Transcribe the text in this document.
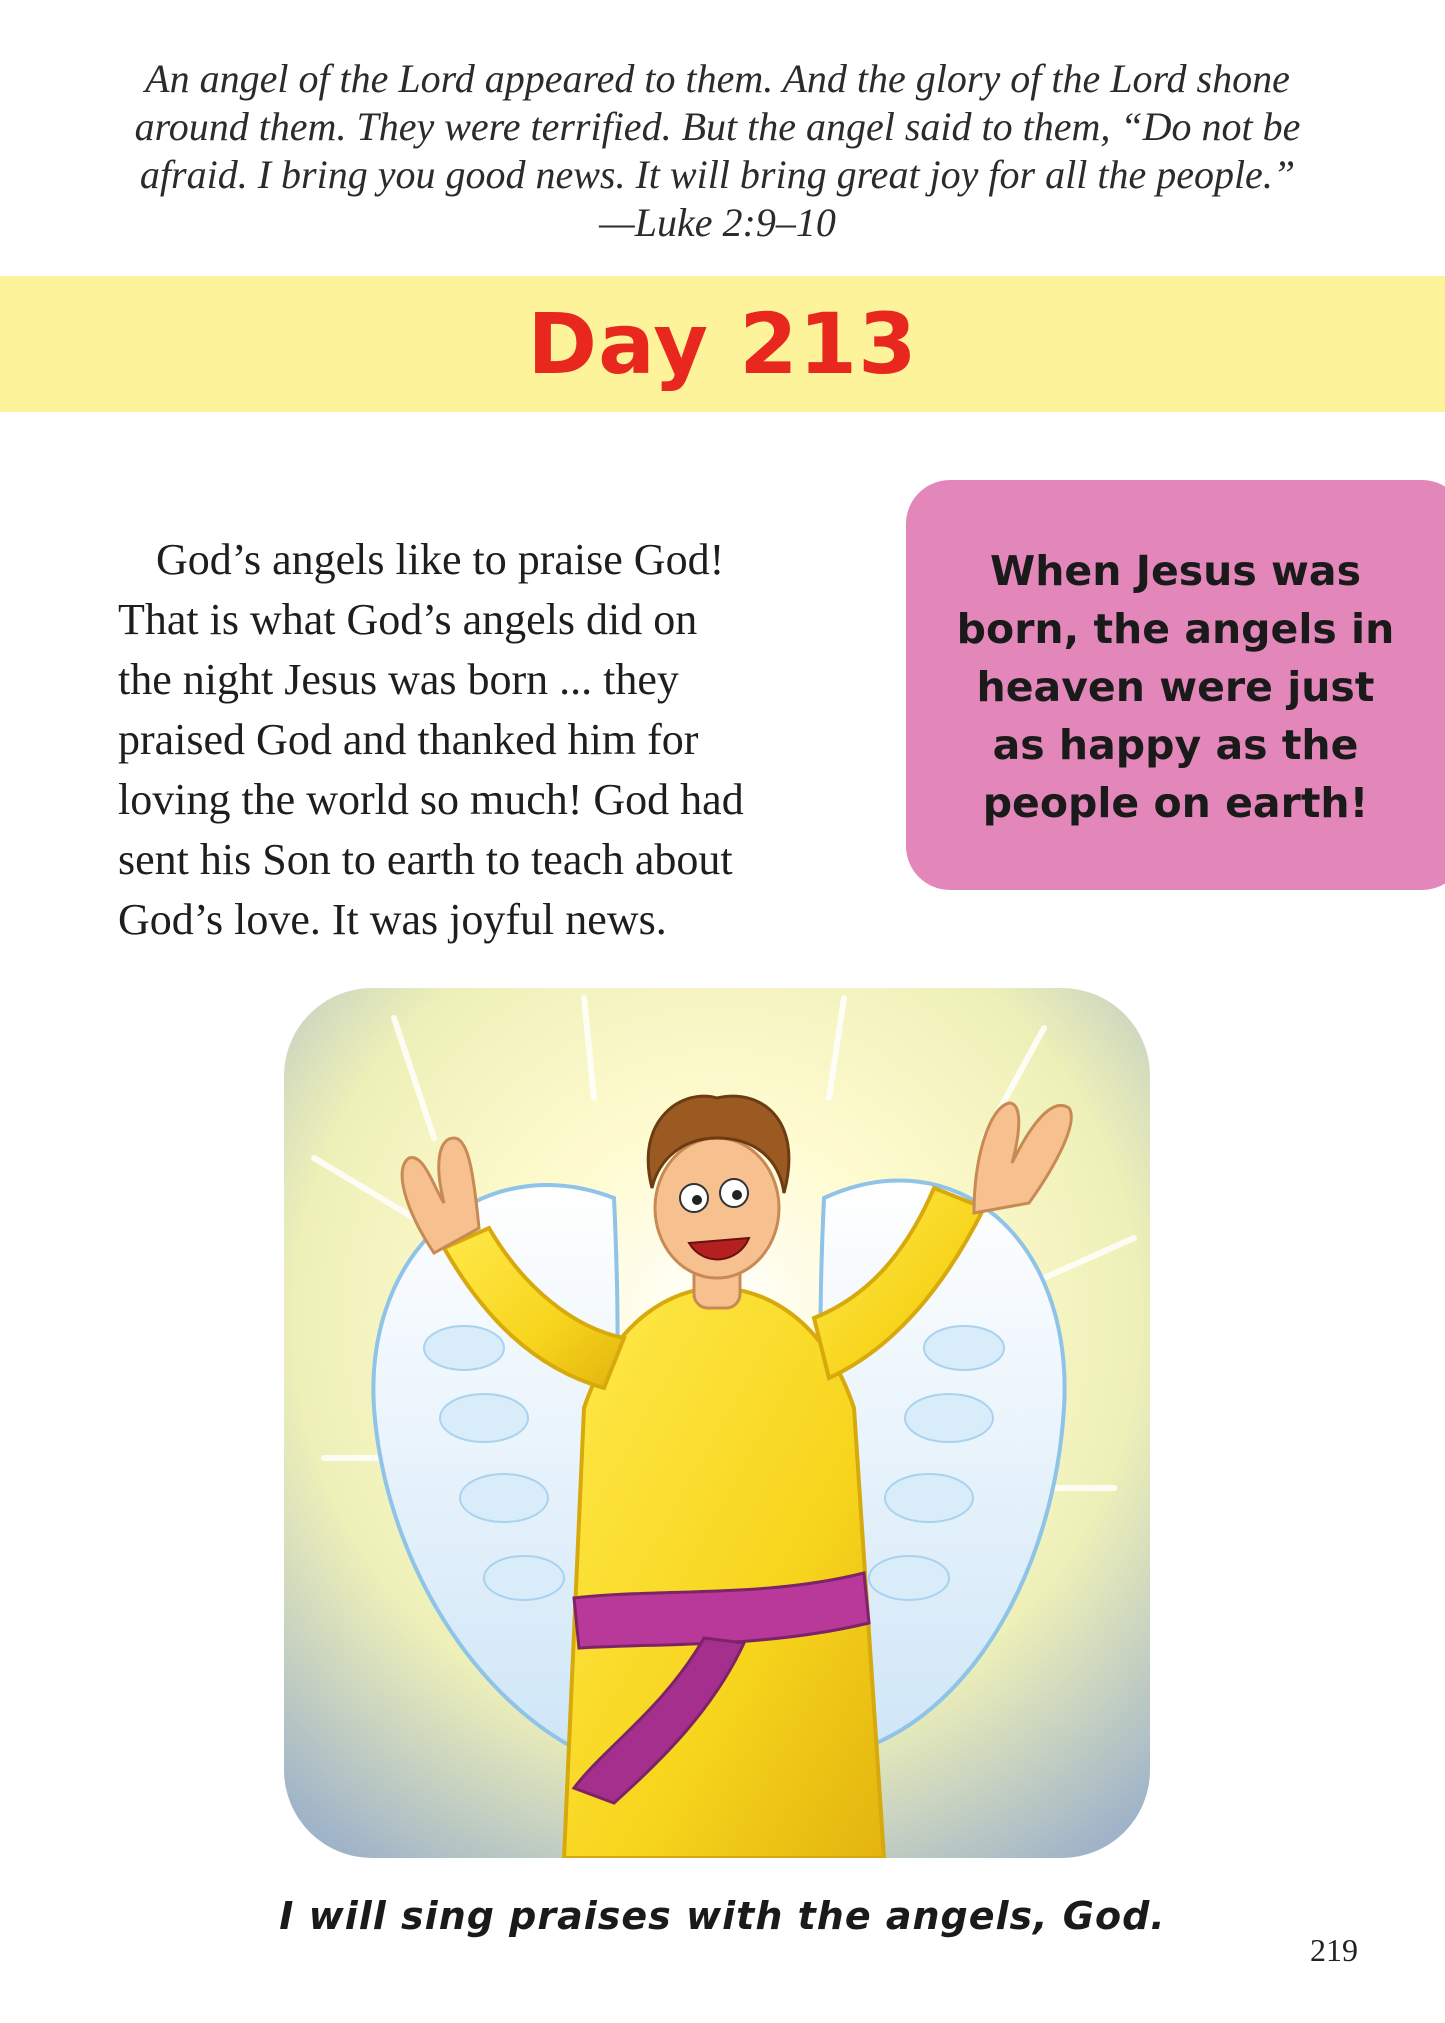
An angel of the Lord appeared to them. And the glory of the Lord shone
around them. They were terrified. But the angel said to them, “Do not be
afraid. I bring you good news. It will bring great joy for all the people.”
—Luke 2:9–10
Day 213
God’s angels like to praise God!
That is what God’s angels did on
the night Jesus was born ... they
praised God and thanked him for
loving the world so much! God had
sent his Son to earth to teach about
God’s love. It was joyful news.
When Jesus was
born, the angels in
heaven were just
as happy as the
people on earth!
I will sing praises with the angels, God.
219
